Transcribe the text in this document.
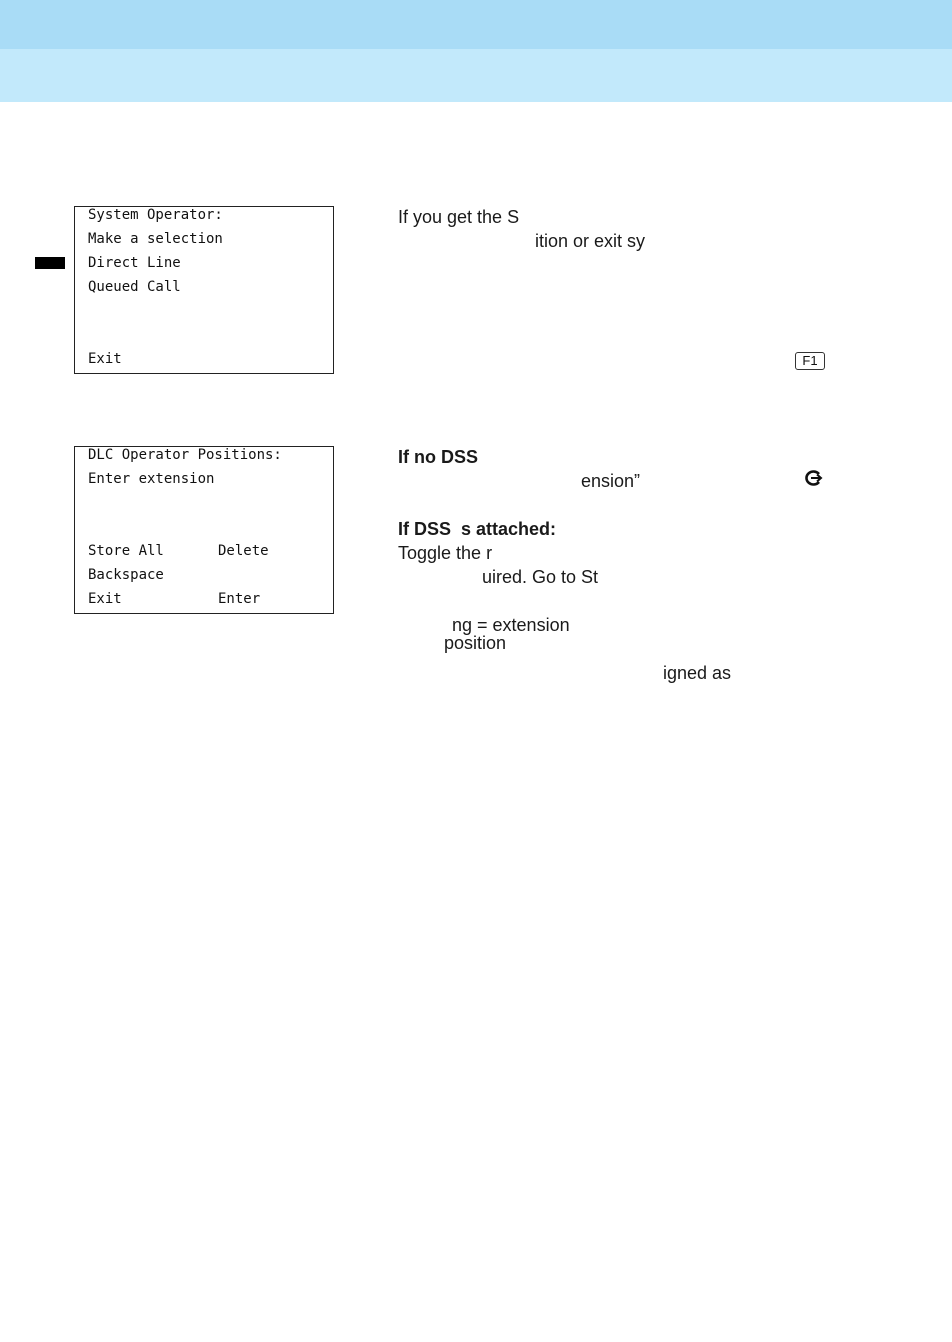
System Operator:
Make a selection
Direct Line
Queued Call
Exit
DLC Operator Positions:
Enter extension
Store All	Delete
Backspace
Exit	Enter
If you get the S
ition or exit sy
F1
If no DSS
ension”
If DSS  s attached:
Toggle the r
uired. Go to St
ng = extension
position
igned as
